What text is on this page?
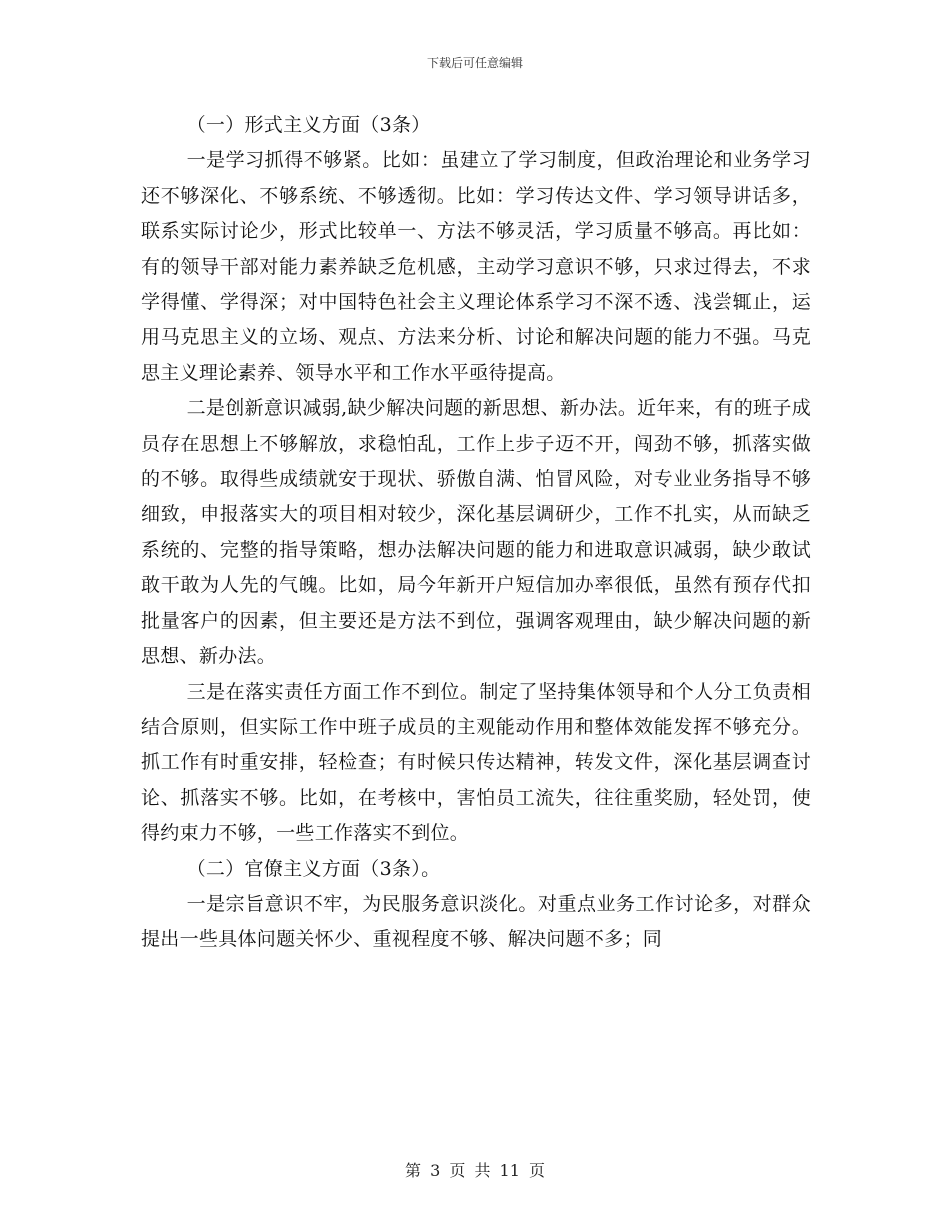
下载后可任意编辑

（一）形式主义方面（3条）

一是学习抓得不够紧。比如：虽建立了学习制度，但政治理论和业务学习还不够深化、不够系统、不够透彻。比如：学习传达文件、学习领导讲话多，联系实际讨论少，形式比较单一、方法不够灵活，学习质量不够高。再比如：有的领导干部对能力素养缺乏危机感，主动学习意识不够，只求过得去，不求学得懂、学得深；对中国特色社会主义理论体系学习不深不透、浅尝辄止，运用马克思主义的立场、观点、方法来分析、讨论和解决问题的能力不强。马克思主义理论素养、领导水平和工作水平亟待提高。

二是创新意识减弱,缺少解决问题的新思想、新办法。近年来，有的班子成员存在思想上不够解放，求稳怕乱，工作上步子迈不开，闯劲不够，抓落实做的不够。取得些成绩就安于现状、骄傲自满、怕冒风险，对专业业务指导不够细致，申报落实大的项目相对较少，深化基层调研少，工作不扎实，从而缺乏系统的、完整的指导策略，想办法解决问题的能力和进取意识减弱，缺少敢试敢干敢为人先的气魄。比如，局今年新开户短信加办率很低，虽然有预存代扣批量客户的因素，但主要还是方法不到位，强调客观理由，缺少解决问题的新思想、新办法。

三是在落实责任方面工作不到位。制定了坚持集体领导和个人分工负责相结合原则，但实际工作中班子成员的主观能动作用和整体效能发挥不够充分。抓工作有时重安排，轻检查；有时候只传达精神，转发文件，深化基层调查讨论、抓落实不够。比如，在考核中，害怕员工流失，往往重奖励，轻处罚，使得约束力不够，一些工作落实不到位。

（二）官僚主义方面（3条）。

一是宗旨意识不牢，为民服务意识淡化。对重点业务工作讨论多，对群众提出一些具体问题关怀少、重视程度不够、解决问题不多；同

第 3 页 共 11 页
